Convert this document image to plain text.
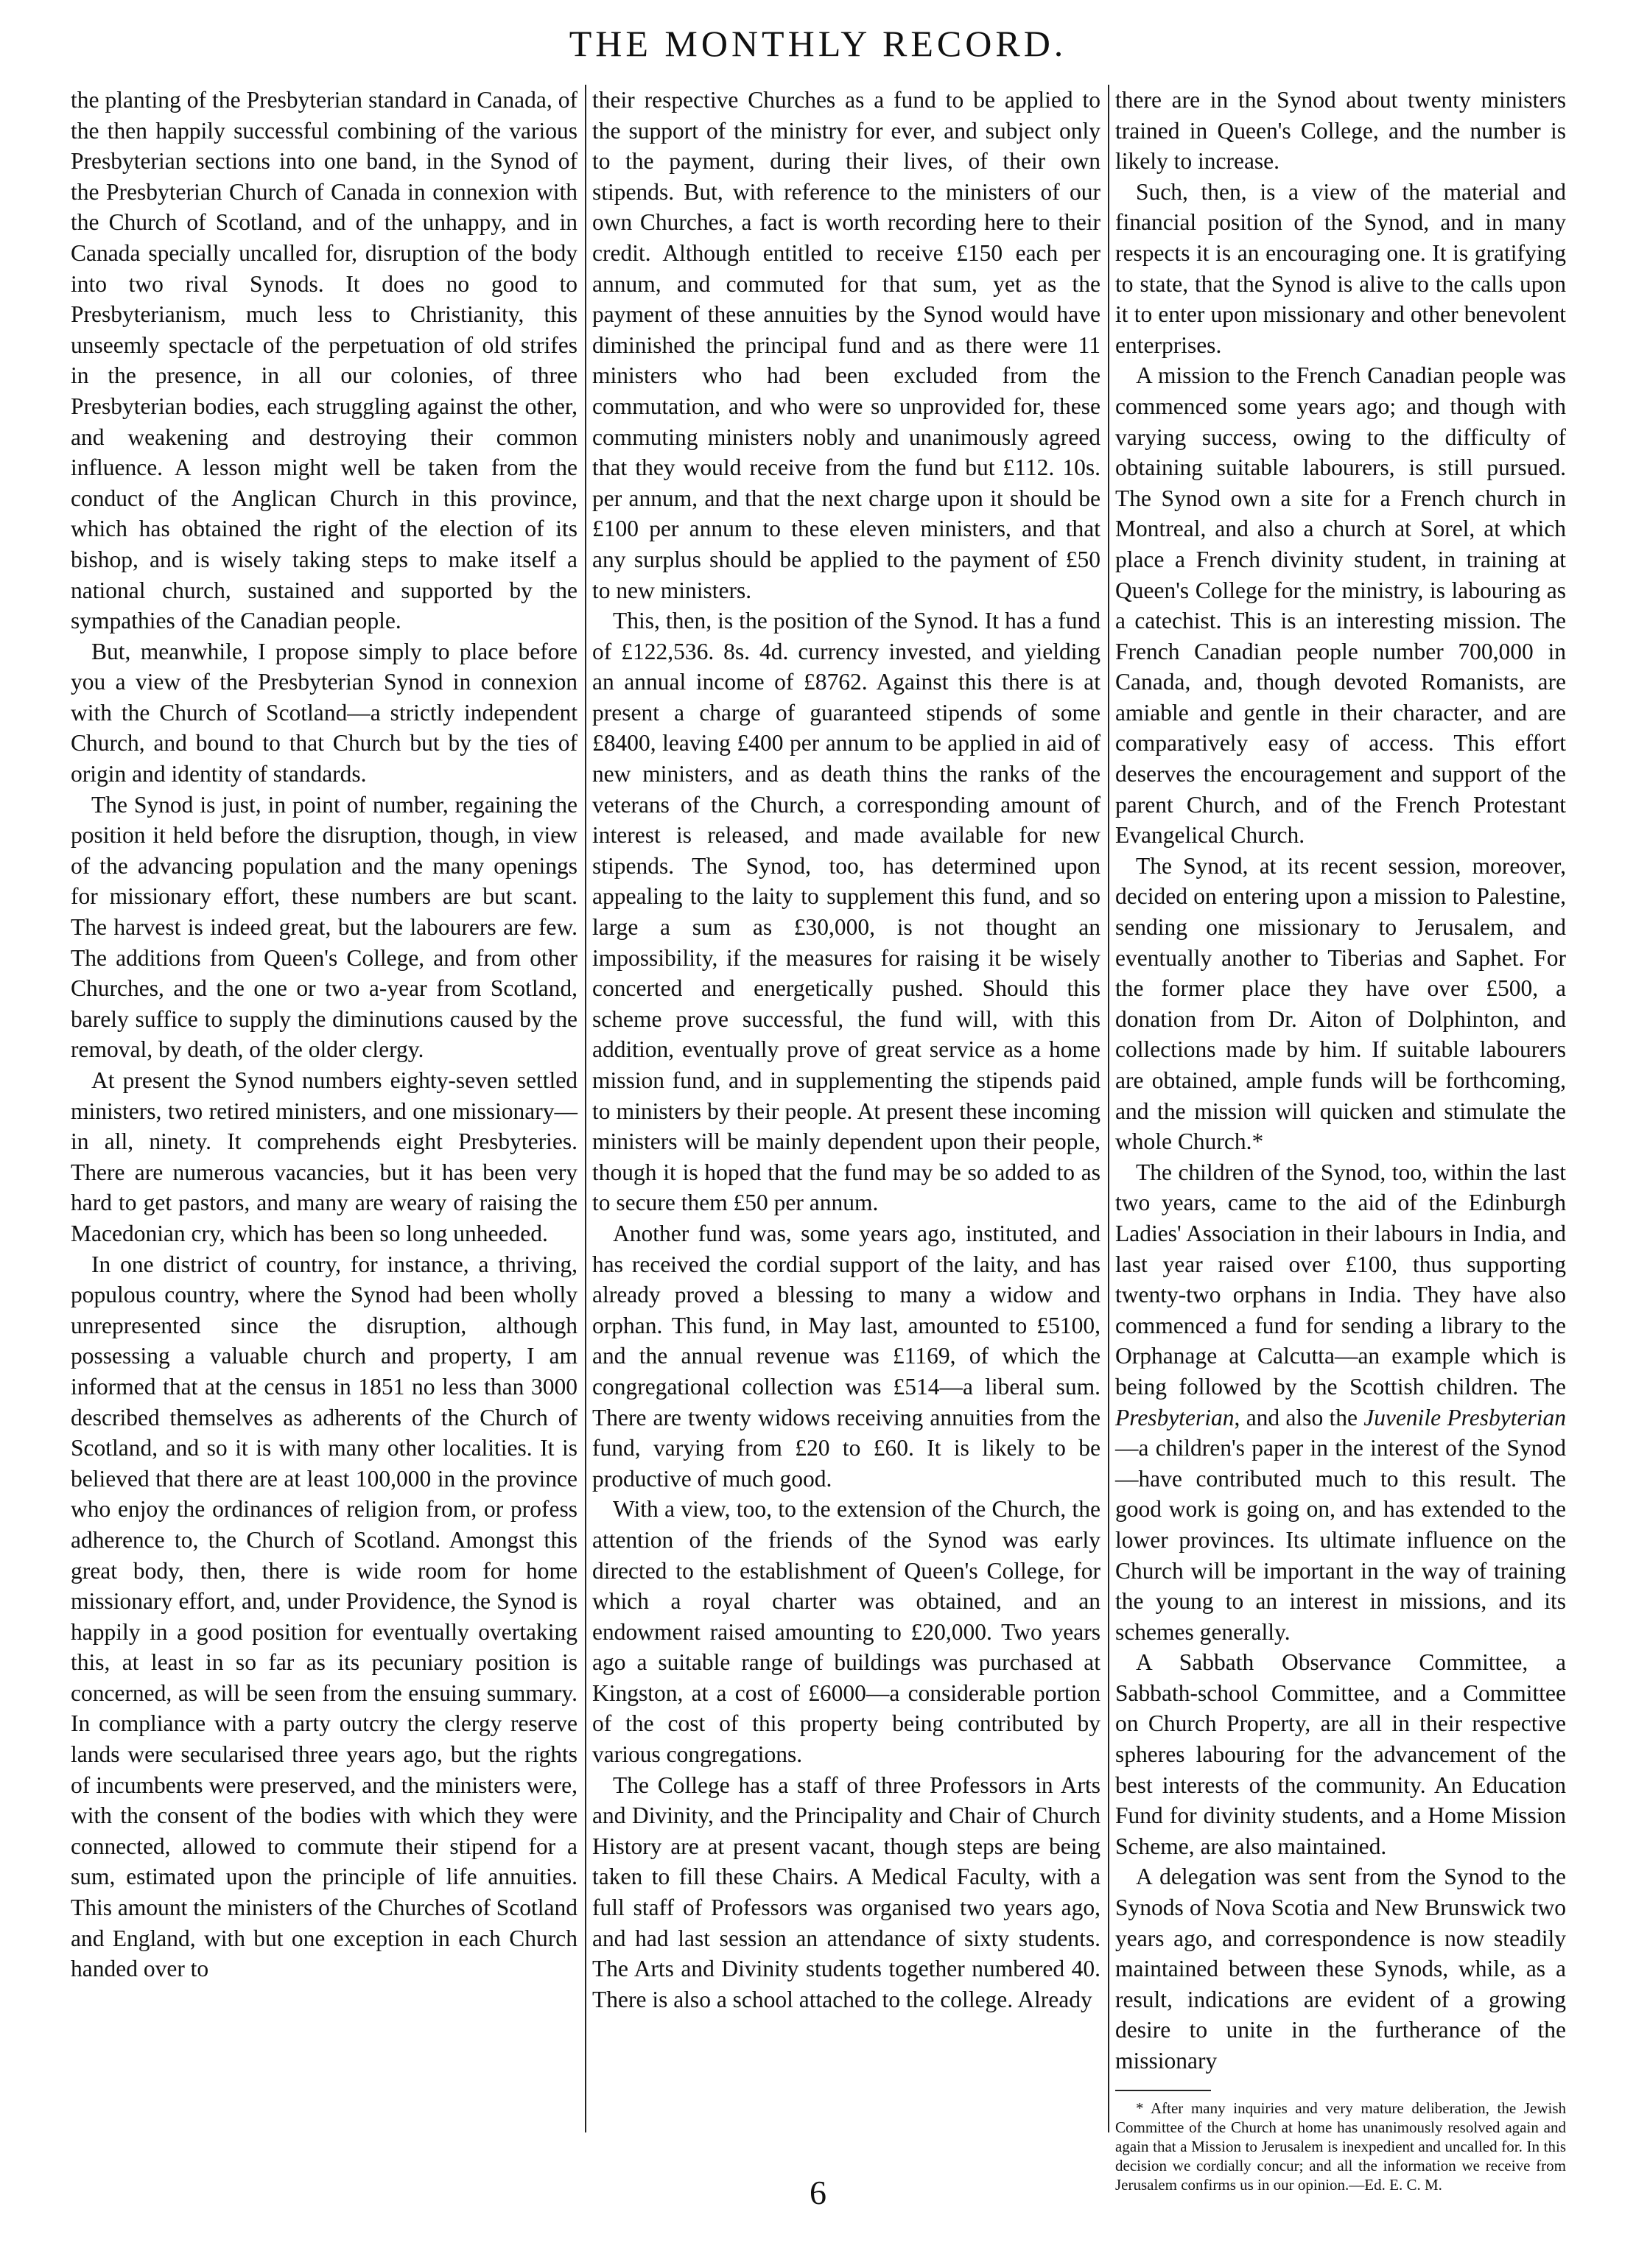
THE MONTHLY RECORD.

the planting of the Presbyterian standard in Canada, of the then happily successful combining of the various Presbyterian sections into one band, in the Synod of the Presbyterian Church of Canada in connexion with the Church of Scotland, and of the unhappy, and in Canada specially uncalled for, disruption of the body into two rival Synods. It does no good to Presbyterianism, much less to Christianity, this unseemly spectacle of the perpetuation of old strifes in the presence, in all our colonies, of three Presbyterian bodies, each struggling against the other, and weakening and destroying their common influence. A lesson might well be taken from the conduct of the Anglican Church in this province, which has obtained the right of the election of its bishop, and is wisely taking steps to make itself a national church, sustained and supported by the sympathies of the Canadian people.

But, meanwhile, I propose simply to place before you a view of the Presbyterian Synod in connexion with the Church of Scotland—a strictly independent Church, and bound to that Church but by the ties of origin and identity of standards.

The Synod is just, in point of number, regaining the position it held before the disruption, though, in view of the advancing population and the many openings for missionary effort, these numbers are but scant. The harvest is indeed great, but the labourers are few. The additions from Queen's College, and from other Churches, and the one or two a-year from Scotland, barely suffice to supply the diminutions caused by the removal, by death, of the older clergy.

At present the Synod numbers eighty-seven settled ministers, two retired ministers, and one missionary—in all, ninety. It comprehends eight Presbyteries. There are numerous vacancies, but it has been very hard to get pastors, and many are weary of raising the Macedonian cry, which has been so long unheeded.

In one district of country, for instance, a thriving, populous country, where the Synod had been wholly unrepresented since the disruption, although possessing a valuable church and property, I am informed that at the census in 1851 no less than 3000 described themselves as adherents of the Church of Scotland, and so it is with many other localities. It is believed that there are at least 100,000 in the province who enjoy the ordinances of religion from, or profess adherence to, the Church of Scotland. Amongst this great body, then, there is wide room for home missionary effort, and, under Providence, the Synod is happily in a good position for eventually overtaking this, at least in so far as its pecuniary position is concerned, as will be seen from the ensuing summary. In compliance with a party outcry the clergy reserve lands were secularised three years ago, but the rights of incumbents were preserved, and the ministers were, with the consent of the bodies with which they were connected, allowed to commute their stipend for a sum, estimated upon the principle of life annuities. This amount the ministers of the Churches of Scotland and England, with but one exception in each Church handed over to

their respective Churches as a fund to be applied to the support of the ministry for ever, and subject only to the payment, during their lives, of their own stipends. But, with reference to the ministers of our own Churches, a fact is worth recording here to their credit. Although entitled to receive £150 each per annum, and commuted for that sum, yet as the payment of these annuities by the Synod would have diminished the principal fund and as there were 11 ministers who had been excluded from the commutation, and who were so unprovided for, these commuting ministers nobly and unanimously agreed that they would receive from the fund but £112. 10s. per annum, and that the next charge upon it should be £100 per annum to these eleven ministers, and that any surplus should be applied to the payment of £50 to new ministers.

This, then, is the position of the Synod. It has a fund of £122,536. 8s. 4d. currency invested, and yielding an annual income of £8762. Against this there is at present a charge of guaranteed stipends of some £8400, leaving £400 per annum to be applied in aid of new ministers, and as death thins the ranks of the veterans of the Church, a corresponding amount of interest is released, and made available for new stipends. The Synod, too, has determined upon appealing to the laity to supplement this fund, and so large a sum as £30,000, is not thought an impossibility, if the measures for raising it be wisely concerted and energetically pushed. Should this scheme prove successful, the fund will, with this addition, eventually prove of great service as a home mission fund, and in supplementing the stipends paid to ministers by their people. At present these incoming ministers will be mainly dependent upon their people, though it is hoped that the fund may be so added to as to secure them £50 per annum.

Another fund was, some years ago, instituted, and has received the cordial support of the laity, and has already proved a blessing to many a widow and orphan. This fund, in May last, amounted to £5100, and the annual revenue was £1169, of which the congregational collection was £514—a liberal sum. There are twenty widows receiving annuities from the fund, varying from £20 to £60. It is likely to be productive of much good.

With a view, too, to the extension of the Church, the attention of the friends of the Synod was early directed to the establishment of Queen's College, for which a royal charter was obtained, and an endowment raised amounting to £20,000. Two years ago a suitable range of buildings was purchased at Kingston, at a cost of £6000—a considerable portion of the cost of this property being contributed by various congregations.

The College has a staff of three Professors in Arts and Divinity, and the Principality and Chair of Church History are at present vacant, though steps are being taken to fill these Chairs. A Medical Faculty, with a full staff of Professors was organised two years ago, and had last session an attendance of sixty students. The Arts and Divinity students together numbered 40. There is also a school attached to the college. Already

there are in the Synod about twenty ministers trained in Queen's College, and the number is likely to increase.

Such, then, is a view of the material and financial position of the Synod, and in many respects it is an encouraging one. It is gratifying to state, that the Synod is alive to the calls upon it to enter upon missionary and other benevolent enterprises.

A mission to the French Canadian people was commenced some years ago; and though with varying success, owing to the difficulty of obtaining suitable labourers, is still pursued. The Synod own a site for a French church in Montreal, and also a church at Sorel, at which place a French divinity student, in training at Queen's College for the ministry, is labouring as a catechist. This is an interesting mission. The French Canadian people number 700,000 in Canada, and, though devoted Romanists, are amiable and gentle in their character, and are comparatively easy of access. This effort deserves the encouragement and support of the parent Church, and of the French Protestant Evangelical Church.

The Synod, at its recent session, moreover, decided on entering upon a mission to Palestine, sending one missionary to Jerusalem, and eventually another to Tiberias and Saphet. For the former place they have over £500, a donation from Dr. Aiton of Dolphinton, and collections made by him. If suitable labourers are obtained, ample funds will be forthcoming, and the mission will quicken and stimulate the whole Church.*

The children of the Synod, too, within the last two years, came to the aid of the Edinburgh Ladies' Association in their labours in India, and last year raised over £100, thus supporting twenty-two orphans in India. They have also commenced a fund for sending a library to the Orphanage at Calcutta—an example which is being followed by the Scottish children. The Presbyterian, and also the Juvenile Presbyterian—a children's paper in the interest of the Synod—have contributed much to this result. The good work is going on, and has extended to the lower provinces. Its ultimate influence on the Church will be important in the way of training the young to an interest in missions, and its schemes generally.

A Sabbath Observance Committee, a Sabbath-school Committee, and a Committee on Church Property, are all in their respective spheres labouring for the advancement of the best interests of the community. An Education Fund for divinity students, and a Home Mission Scheme, are also maintained.

A delegation was sent from the Synod to the Synods of Nova Scotia and New Brunswick two years ago, and correspondence is now steadily maintained between these Synods, while, as a result, indications are evident of a growing desire to unite in the furtherance of the missionary

* After many inquiries and very mature deliberation, the Jewish Committee of the Church at home has unanimously resolved again and again that a Mission to Jerusalem is inexpedient and uncalled for. In this decision we cordially concur; and all the information we receive from Jerusalem confirms us in our opinion.—Ed. E. C. M.

6
